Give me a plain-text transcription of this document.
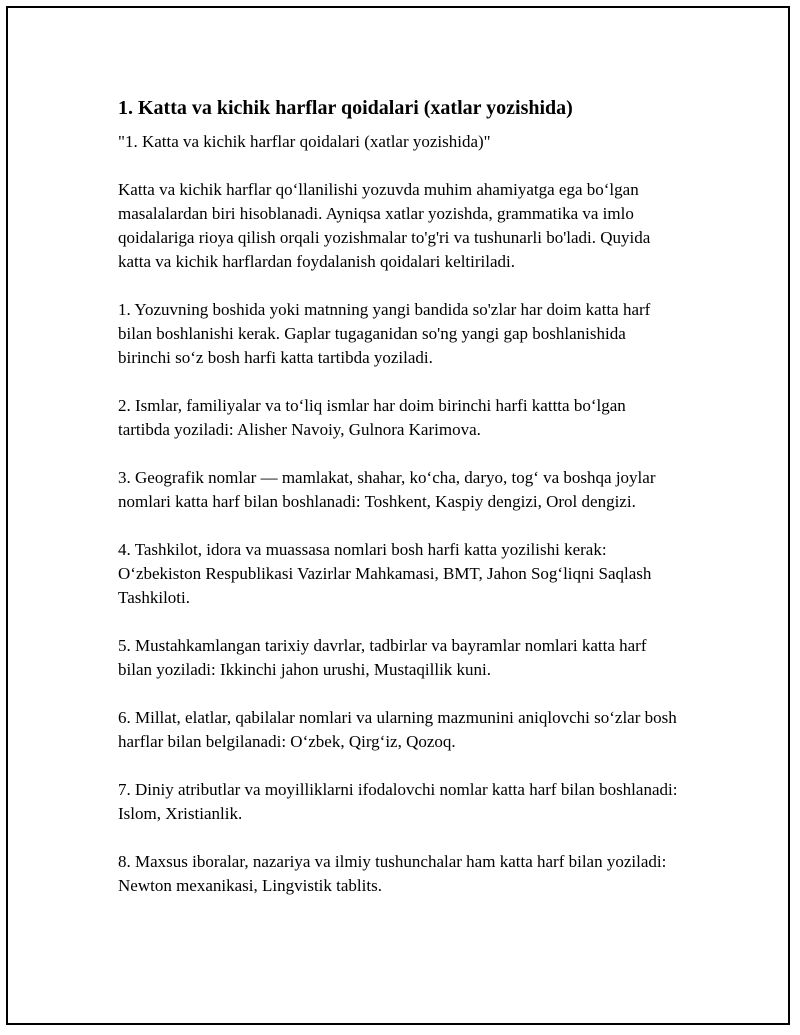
1. Katta va kichik harflar qoidalari (xatlar yozishida)

"1. Katta va kichik harflar qoidalari (xatlar yozishida)"

Katta va kichik harflar qo‘llanilishi yozuvda muhim ahamiyatga ega bo‘lgan masalalardan biri hisoblanadi. Ayniqsa xatlar yozishda, grammatika va imlo qoidalariga rioya qilish orqali yozishmalar to'g'ri va tushunarli bo'ladi. Quyida katta va kichik harflardan foydalanish qoidalari keltiriladi.

1. Yozuvning boshida yoki matnning yangi bandida so'zlar har doim katta harf bilan boshlanishi kerak. Gaplar tugaganidan so'ng yangi gap boshlanishida birinchi so‘z bosh harfi katta tartibda yoziladi.

2. Ismlar, familiyalar va to‘liq ismlar har doim birinchi harfi kattta bo‘lgan tartibda yoziladi: Alisher Navoiy, Gulnora Karimova.

3. Geografik nomlar — mamlakat, shahar, ko‘cha, daryo, tog‘ va boshqa joylar nomlari katta harf bilan boshlanadi: Toshkent, Kaspiy dengizi, Orol dengizi.

4. Tashkilot, idora va muassasa nomlari bosh harfi katta yozilishi kerak: O‘zbekiston Respublikasi Vazirlar Mahkamasi, BMT, Jahon Sog‘liqni Saqlash Tashkiloti.

5. Mustahkamlangan tarixiy davrlar, tadbirlar va bayramlar nomlari katta harf bilan yoziladi: Ikkinchi jahon urushi, Mustaqillik kuni.

6. Millat, elatlar, qabilalar nomlari va ularning mazmunini aniqlovchi so‘zlar bosh harflar bilan belgilanadi: O‘zbek, Qirg‘iz, Qozoq.

7. Diniy atributlar va moyilliklarni ifodalovchi nomlar katta harf bilan boshlanadi: Islom, Xristianlik.

8. Maxsus iboralar, nazariya va ilmiy tushunchalar ham katta harf bilan yoziladi: Newton mexanikasi, Lingvistik tablits.
